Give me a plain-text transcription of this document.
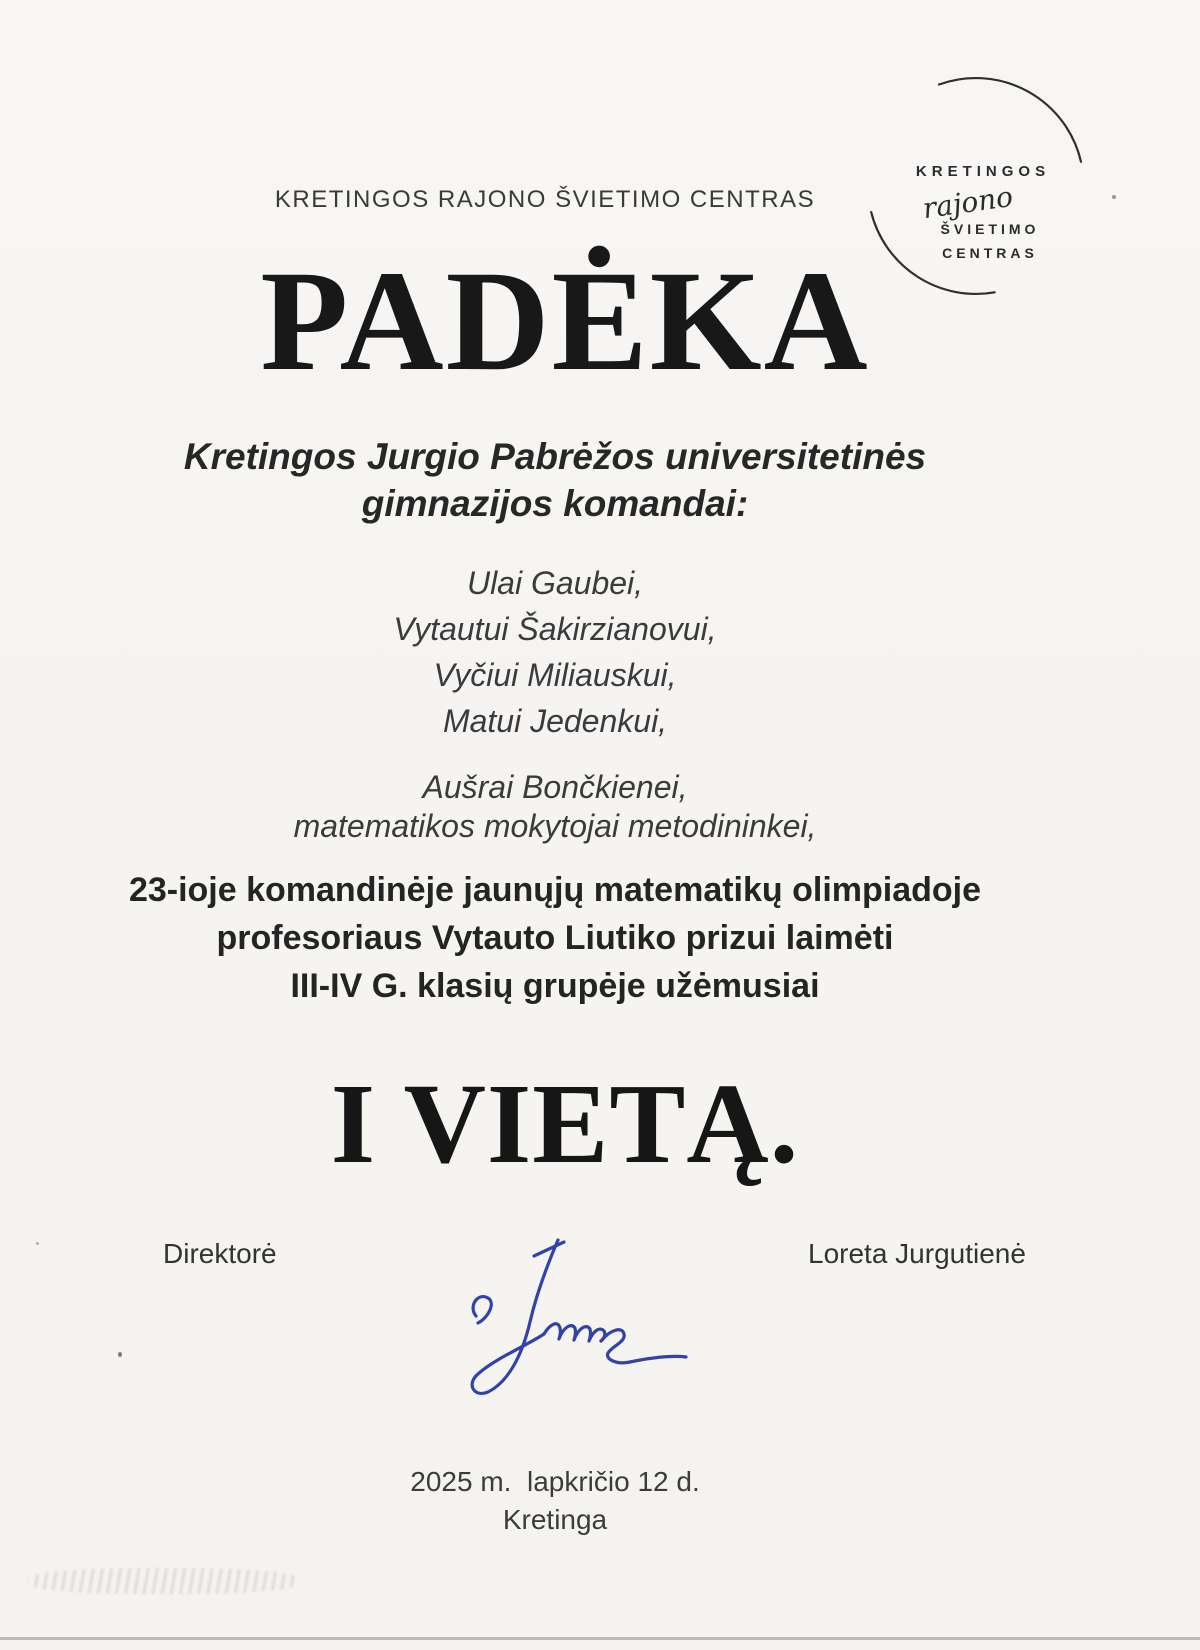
KRETINGOS RAJONO ŠVIETIMO CENTRAS
KRETINGOS
rajono
ŠVIETIMO
CENTRAS
PADĖKA
Kretingos Jurgio Pabrėžos universitetinės
gimnazijos komandai:
Ulai Gaubei,
Vytautui Šakirzianovui,
Vyčiui Miliauskui,
Matui Jedenkui,
Aušrai Bončkienei,
matematikos mokytojai metodininkei,
23-ioje komandinėje jaunųjų matematikų olimpiadoje
profesoriaus Vytauto Liutiko prizui laimėti
III-IV G. klasių grupėje užėmusiai
I VIETĄ.
Direktorė	Loreta Jurgutienė
2025 m.  lapkričio 12 d.
Kretinga
